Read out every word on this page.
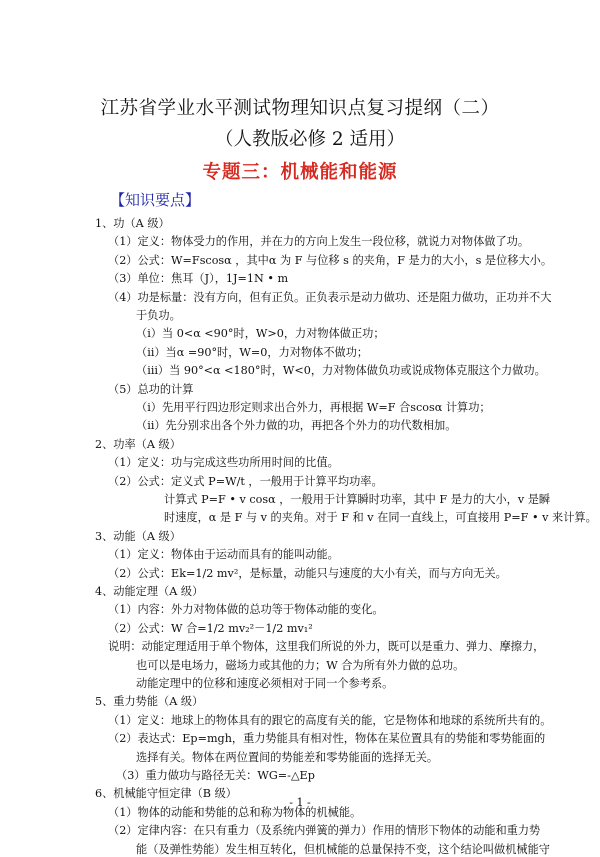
江苏省学业水平测试物理知识点复习提纲（二）
（人教版必修 2 适用）
专题三：机械能和能源
【知识要点】
1、功（A 级）
（1）定义：物体受力的作用，并在力的方向上发生一段位移，就说力对物体做了功。
（2）公式：W=Fscosα ，其中α 为 F 与位移 s 的夹角，F 是力的大小，s 是位移大小。
（3）单位：焦耳（J），1J=1N • m
（4）功是标量：没有方向，但有正负。正负表示是动力做功、还是阻力做功，正功并不大
于负功。
（ⅰ）当 0<α <90°时，W>0，力对物体做正功；
（ⅱ）当α =90°时，W=0，力对物体不做功；
（ⅲ）当 90°<α <180°时，W<0，力对物体做负功或说成物体克服这个力做功。
（5）总功的计算
（ⅰ）先用平行四边形定则求出合外力，再根据 W=F 合scosα 计算功；
（ⅱ）先分别求出各个外力做的功，再把各个外力的功代数相加。
2、功率（A 级）
（1）定义：功与完成这些功所用时间的比值。
（2）公式：定义式 P=W/t ，一般用于计算平均功率。
计算式 P=F • v cosα ，一般用于计算瞬时功率，其中 F 是力的大小，v 是瞬
时速度，α 是 F 与 v 的夹角。对于 F 和 v 在同一直线上，可直接用 P=F • v 来计算。
3、动能（A 级）
（1）定义：物体由于运动而具有的能叫动能。
（2）公式：Ek=1/2 mv²，是标量，动能只与速度的大小有关，而与方向无关。
4、动能定理（A 级）
（1）内容：外力对物体做的总功等于物体动能的变化。
（2）公式：W 合=1/2 mv₂²－1/2 mv₁²
说明：动能定理适用于单个物体，这里我们所说的外力，既可以是重力、弹力、摩擦力，
也可以是电场力，磁场力或其他的力；W 合为所有外力做的总功。
动能定理中的位移和速度必须相对于同一个参考系。
5、重力势能（A 级）
（1）定义：地球上的物体具有的跟它的高度有关的能，它是物体和地球的系统所共有的。
（2）表达式：Ep=mgh，重力势能具有相对性，物体在某位置具有的势能和零势能面的
选择有关。物体在两位置间的势能差和零势能面的选择无关。
（3）重力做功与路径无关：WG=-△Ep
6、机械能守恒定律（B 级）
（1）物体的动能和势能的总和称为物体的机械能。
（2）定律内容：在只有重力（及系统内弹簧的弹力）作用的情形下物体的动能和重力势
能（及弹性势能）发生相互转化，但机械能的总量保持不变，这个结论叫做机械能守
- 1 -
